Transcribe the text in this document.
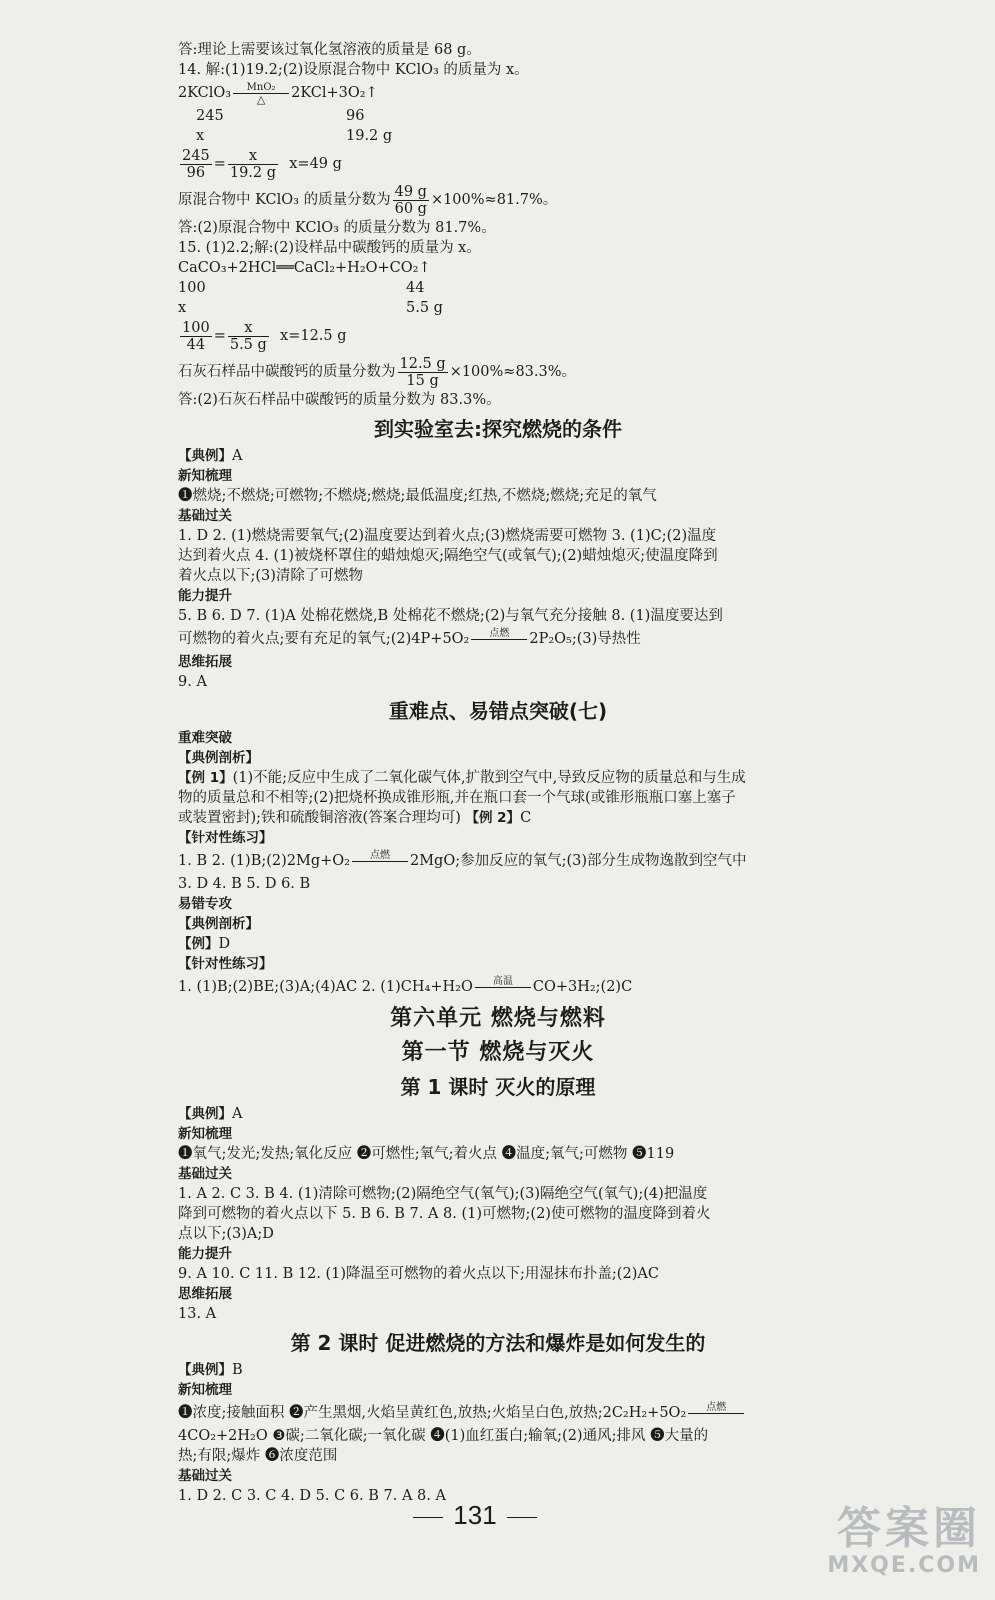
答:理论上需要该过氧化氢溶液的质量是 68 g。
14. 解:(1)19.2;(2)设原混合物中 KClO₃ 的质量为 x。
2KClO₃	MnO₂
△	2KCl+3O₂↑
245	96
x	19.2 g
$\frac{245}{96} = \frac{x}{19.2 g} x=49$ g
原混合物中 KClO₃ 的质量分数为 $\frac{49 g}{60 g} \times 100\%\approx 81.7\%$。
答:(2)原混合物中 KClO₃ 的质量分数为 81.7%。
15. (1)2.2;解:(2)设样品中碳酸钙的质量为 x。
CaCO₃+2HCl══CaCl₂+H₂O+CO₂↑
100	44
x	5.5 g
$\frac{100}{44} = \frac{x}{5.5 g} x=12.5$ g
石灰石样品中碳酸钙的质量分数为 $\frac{12.5 g}{15 g} \times 100\%\approx 83.3\%$。
答:(2)石灰石样品中碳酸钙的质量分数为 83.3%。
到实验室去:探究燃烧的条件
【典例】A
新知梳理
❶燃烧;不燃烧;可燃物;不燃烧;燃烧;最低温度;红热,不燃烧;燃烧;充足的氧气
基础过关
1. D 2. (1)燃烧需要氧气;(2)温度要达到着火点;(3)燃烧需要可燃物 3. (1)C;(2)温度
达到着火点 4. (1)被烧杯罩住的蜡烛熄灭;隔绝空气(或氧气);(2)蜡烛熄灭;使温度降到
着火点以下;(3)清除了可燃物
能力提升
5. B 6. D 7. (1)A 处棉花燃烧,B 处棉花不燃烧;(2)与氧气充分接触 8. (1)温度要达到
可燃物的着火点;要有充足的氧气;(2)4P+5O₂	点燃
	2P₂O₅;(3)导热性
思维拓展
9. A
重难点、易错点突破(七)
重难突破
【典例剖析】
【例 1】(1)不能;反应中生成了二氧化碳气体,扩散到空气中,导致反应物的质量总和与生成
物的质量总和不相等;(2)把烧杯换成锥形瓶,并在瓶口套一个气球(或锥形瓶瓶口塞上塞子
或装置密封);铁和硫酸铜溶液(答案合理均可) 【例 2】C
【针对性练习】
1. B 2. (1)B;(2)2Mg+O₂	点燃
	2MgO;参加反应的氧气;(3)部分生成物逸散到空气中
3. D 4. B 5. D 6. B
易错专攻
【典例剖析】
【例】D
【针对性练习】
1. (1)B;(2)BE;(3)A;(4)AC 2. (1)CH₄+H₂O	高温
	CO+3H₂;(2)C
第六单元 燃烧与燃料
第一节 燃烧与灭火
第 1 课时 灭火的原理
【典例】A
新知梳理
❶氧气;发光;发热;氧化反应 ❷可燃性;氧气;着火点 ❹温度;氧气;可燃物 ❺119
基础过关
1. A 2. C 3. B 4. (1)清除可燃物;(2)隔绝空气(氧气);(3)隔绝空气(氧气);(4)把温度
降到可燃物的着火点以下 5. B 6. B 7. A 8. (1)可燃物;(2)使可燃物的温度降到着火
点以下;(3)A;D
能力提升
9. A 10. C 11. B 12. (1)降温至可燃物的着火点以下;用湿抹布扑盖;(2)AC
思维拓展
13. A
第 2 课时 促进燃烧的方法和爆炸是如何发生的
【典例】B
新知梳理
❶浓度;接触面积 ❷产生黑烟,火焰呈黄红色,放热;火焰呈白色,放热;2C₂H₂+5O₂	点燃

4CO₂+2H₂O ❸碳;二氧化碳;一氧化碳 ❹(1)血红蛋白;输氧;(2)通风;排风 ❺大量的
热;有限;爆炸 ❻浓度范围
基础过关
1. D 2. C 3. C 4. D 5. C 6. B 7. A 8. A
131	答案圈
MXQE.COM
